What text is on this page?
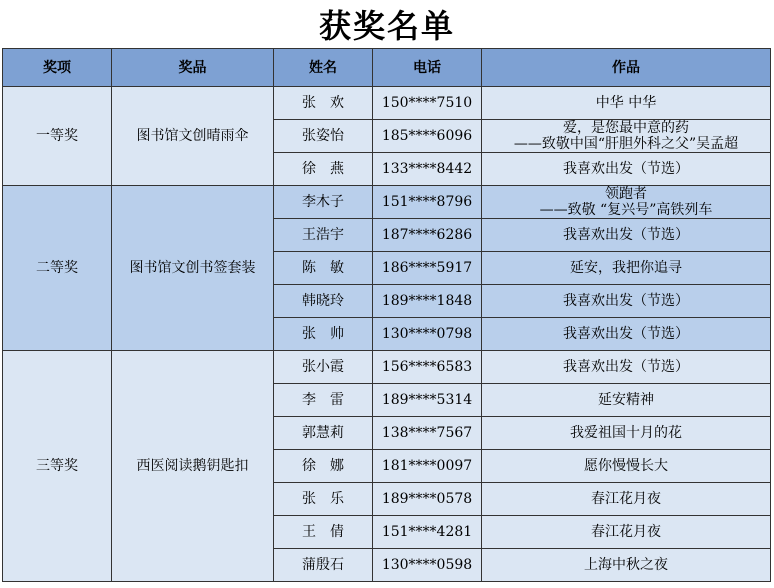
获奖名单
奖项	奖品	姓名	电话	作品
一等奖	图书馆文创晴雨伞	张　欢	150****7510	中华 中华

		张姿怡	185****6096	爱，是您最中意的药
——致敬中国“肝胆外科之父”吴孟超

		徐　燕	133****8442	我喜欢出发（节选）

二等奖	图书馆文创书签套装	李木子	151****8796	领跑者
——致敬 “复兴号”高铁列车

		王浩宇	187****6286	我喜欢出发（节选）

		陈　敏	186****5917	延安，我把你追寻

		韩晓玲	189****1848	我喜欢出发（节选）

		张　帅	130****0798	我喜欢出发（节选）

三等奖	西医阅读鹅钥匙扣	张小霞	156****6583	我喜欢出发（节选）

		李　雷	189****5314	延安精神

		郭慧莉	138****7567	我爱祖国十月的花

		徐　娜	181****0097	愿你慢慢长大

		张　乐	189****0578	春江花月夜

		王　倩	151****4281	春江花月夜

		蒲殷石	130****0598	上海中秋之夜
